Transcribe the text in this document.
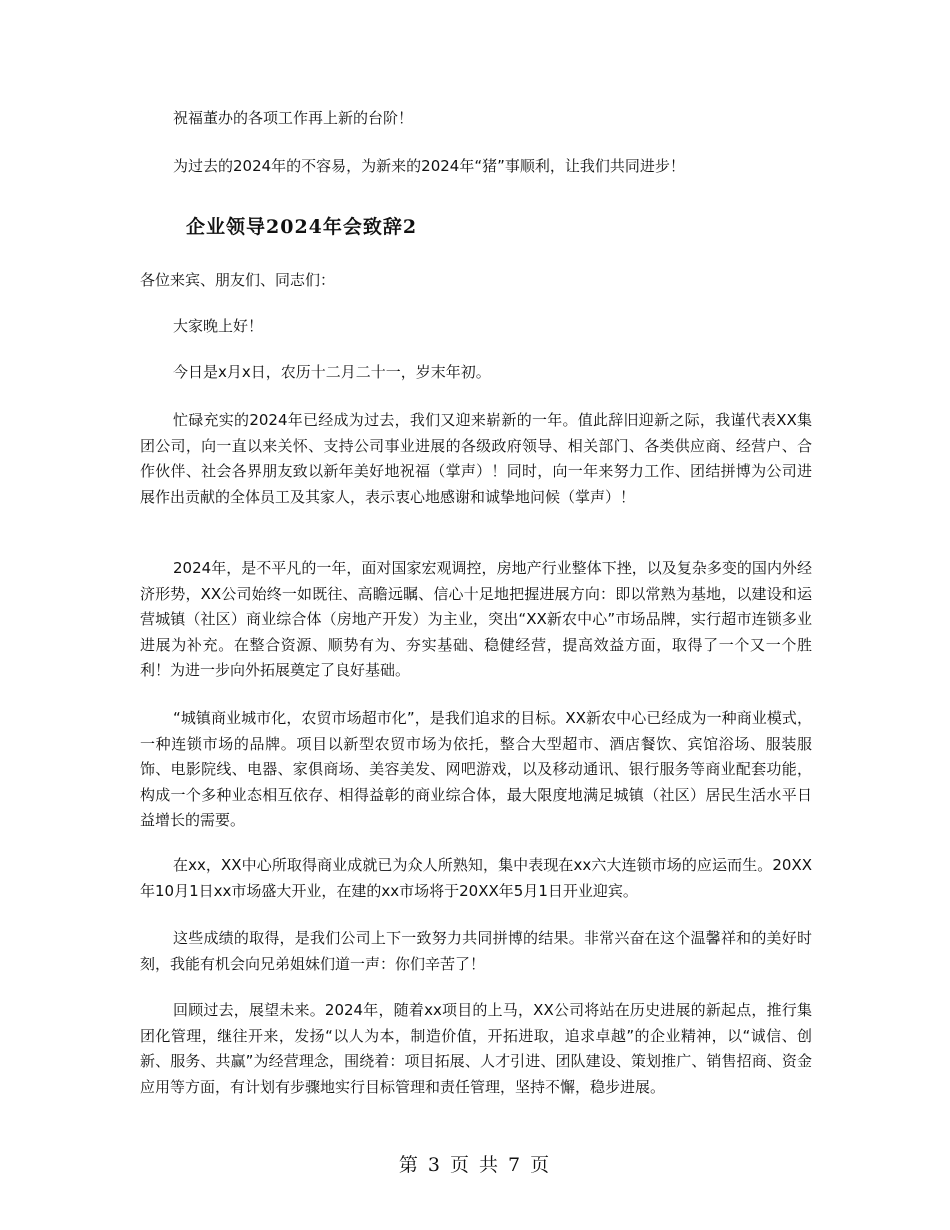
祝福董办的各项工作再上新的台阶！

为过去的2024年的不容易，为新来的2024年“猪”事顺利，让我们共同进步！

企业领导2024年会致辞2

各位来宾、朋友们、同志们：

大家晚上好！

今日是x月x日，农历十二月二十一，岁末年初。

忙碌充实的2024年已经成为过去，我们又迎来崭新的一年。值此辞旧迎新之际，我谨代表XX集团公司，向一直以来关怀、支持公司事业进展的各级政府领导、相关部门、各类供应商、经营户、合作伙伴、社会各界朋友致以新年美好地祝福（掌声）！同时，向一年来努力工作、团结拼博为公司进展作出贡献的全体员工及其家人，表示衷心地感谢和诚挚地问候（掌声）！

2024年，是不平凡的一年，面对国家宏观调控，房地产行业整体下挫，以及复杂多变的国内外经济形势，XX公司始终一如既往、高瞻远瞩、信心十足地把握进展方向：即以常熟为基地，以建设和运营城镇（社区）商业综合体（房地产开发）为主业，突出“XX新农中心”市场品牌，实行超市连锁多业进展为补充。在整合资源、顺势有为、夯实基础、稳健经营，提高效益方面，取得了一个又一个胜利！为进一步向外拓展奠定了良好基础。

“城镇商业城市化，农贸市场超市化”，是我们追求的目标。XX新农中心已经成为一种商业模式，一种连锁市场的品牌。项目以新型农贸市场为依托，整合大型超市、酒店餐饮、宾馆浴场、服装服饰、电影院线、电器、家俱商场、美容美发、网吧游戏，以及移动通讯、银行服务等商业配套功能，构成一个多种业态相互依存、相得益彰的商业综合体，最大限度地满足城镇（社区）居民生活水平日益增长的需要。

在xx，XX中心所取得商业成就已为众人所熟知，集中表现在xx六大连锁市场的应运而生。20XX年10月1日xx市场盛大开业，在建的xx市场将于20XX年5月1日开业迎宾。

这些成绩的取得，是我们公司上下一致努力共同拼博的结果。非常兴奋在这个温馨祥和的美好时刻，我能有机会向兄弟姐妹们道一声：你们辛苦了！

回顾过去，展望未来。2024年，随着xx项目的上马，XX公司将站在历史进展的新起点，推行集团化管理，继往开来，发扬“以人为本，制造价值，开拓进取，追求卓越”的企业精神，以“诚信、创新、服务、共赢”为经营理念，围绕着：项目拓展、人才引进、团队建设、策划推广、销售招商、资金应用等方面，有计划有步骤地实行目标管理和责任管理，坚持不懈，稳步进展。

第 3 页 共 7 页
